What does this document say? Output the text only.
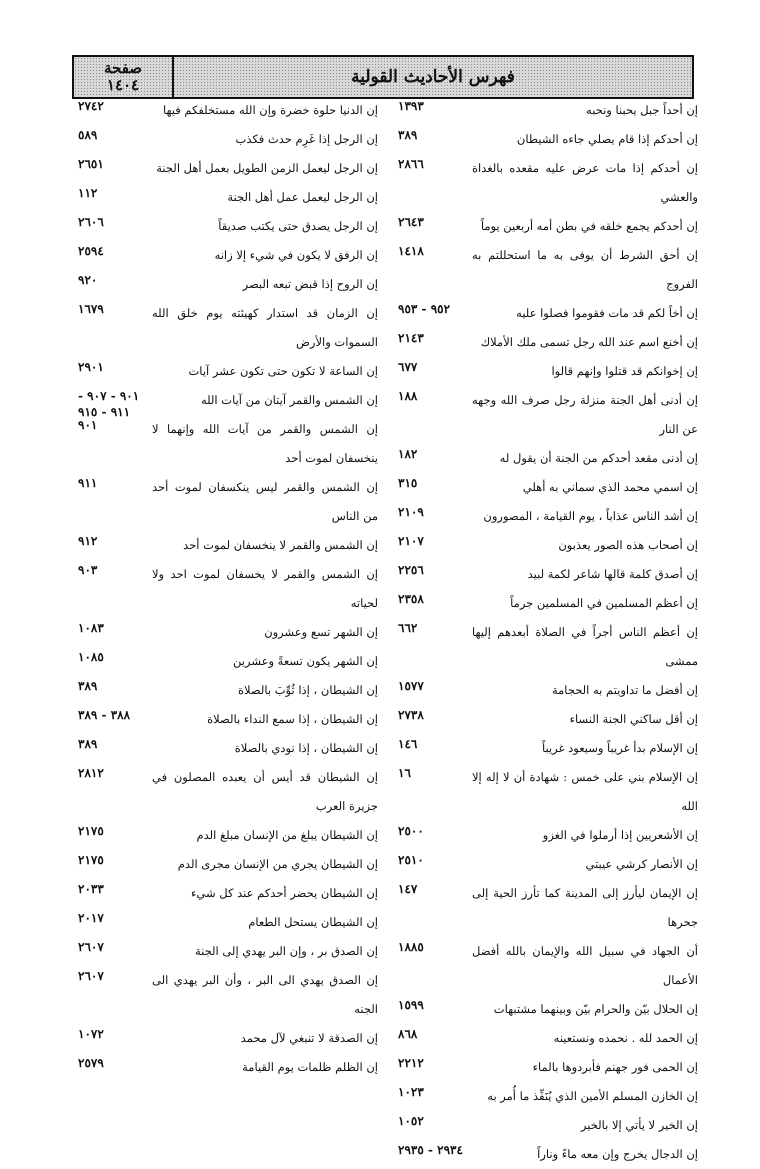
صفحة
١٤٠٤	فهرس الأحاديث القولية
إن أحداً جبل يحبنا ونحبه
١٣٩٣
إن أحدكم إذا قام يصلي جاءه الشيطان
٣٨٩
إن أحدكم إذا مات عرض عليه مقعده بالغداة والعشي
٢٨٦٦
إن أحدكم يجمع خلقه في بطن أمه أربعين يوماً
٢٦٤٣
إن أحق الشرط أن يوفى به ما استحللتم به الفروج
١٤١٨
إن أخاً لكم قد مات فقوموا فصلوا عليه
٩٥٢ - ٩٥٣
إن أخنع اسم عند الله رجل تسمى ملك الأملاك
٢١٤٣
إن إخوانكم قد قتلوا وإنهم قالوا
٦٧٧
إن أدنى أهل الجنة منزلة رجل صرف الله وجهه عن النار
١٨٨
إن أدنى مقعد أحدكم من الجنة أن يقول له
١٨٢
إن اسمي محمد الذي سماني به أهلي
٣١٥
إن أشد الناس عذاباً ، يوم القيامة ، المصورون
٢١٠٩
إن أصحاب هذه الصور يعذبون
٢١٠٧
إن أصدق كلمة قالها شاعر لكمة لبيد
٢٢٥٦
إن أعظم المسلمين في المسلمين جرماً
٢٣٥٨
إن أعظم الناس أجراً في الصلاة أبعدهم إليها ممشى
٦٦٢
إن أفضل ما تداويتم به الحجامة
١٥٧٧
إن أقل ساكني الجنة النساء
٢٧٣٨
إن الإسلام بدأ غريباً وسيعود غريباً
١٤٦
إن الإسلام بني على خمس : شهادة أن لا إله إلا الله
١٦
إن الأشعريين إذا أرملوا في الغزو
٢٥٠٠
إن الأنصار كرشي عيبتي
٢٥١٠
إن الإيمان ليأرز إلى المدينة كما تأرز الحية إلى جحرها
١٤٧
أن الجهاد في سبيل الله والإيمان بالله أفضل الأعمال
١٨٨٥
إن الحلال بيّن والحرام بيّن وبينهما مشتبهات
١٥٩٩
إن الحمد لله . نحمده ونستعينه
٨٦٨
إن الحمى فور جهنم فأبردوها بالماء
٢٢١٢
إن الخازن المسلم الأمين الذي يُنَفِّذ ما أُمر به
١٠٢٣
إن الخير لا يأتي إلا بالخير
١٠٥٢
إن الدجال يخرج وإن معه ماءً وناراً
٢٩٣٤ - ٢٩٣٥
إن الدنيا حلوة خضرة وإن الله مستخلفكم فيها
٢٧٤٢
إن الرجل إذا غَرِم حدث فكذب
٥٨٩
إن الرجل ليعمل الزمن الطويل بعمل أهل الجنة
٢٦٥١
إن الرجل ليعمل عمل أهل الجنة
١١٢
إن الرجل يصدق حتى يكتب صديقاً
٢٦٠٦
إن الرفق لا يكون في شيء إلا زانه
٢٥٩٤
إن الروح إذا قبض تبعه البصر
٩٢٠
إن الزمان قد استدار كهيئته يوم خلق الله السموات والأرض
١٦٧٩
إن الساعة لا تكون حتى تكون عشر آيات
٢٩٠١
إن الشمس والقمر آيتان من آيات الله
٩٠١ - ٩٠٧ - ٩١١ - ٩١٥
إن الشمس والقمر من آيات الله وإنهما لا ينخسفان لموت أحد
٩٠١
إن الشمس والقمر ليس ينكسفان لموت أحد من الناس
٩١١
إن الشمس والقمر لا ينخسفان لموت أحد
٩١٢
إن الشمس والقمر لا يخسفان لموت احد ولا لحياته
٩٠٣
إن الشهر تسع وعشرون
١٠٨٣
إن الشهر يكون تسعةً وعشرين
١٠٨٥
إن الشيطان ، إذا ثُوِّبَ بالصلاة
٣٨٩
إن الشيطان ، إذا سمع النداء بالصلاة
٣٨٨ - ٣٨٩
إن الشيطان ، إذا نودي بالصلاة
٣٨٩
إن الشيطان قد أيس أن يعبده المصلون في جزيرة العرب
٢٨١٢
إن الشيطان يبلغ من الإنسان مبلغ الدم
٢١٧٥
إن الشيطان يجري من الإنسان مجرى الدم
٢١٧٥
إن الشيطان يحضر أحدكم عند كل شيء
٢٠٣٣
إن الشيطان يستحل الطعام
٢٠١٧
إن الصدق بر ، وإن البر يهدي إلى الجنة
٢٦٠٧
إن الصدق يهدي الى البر ، وأن البر يهدي الى الجنه
٢٦٠٧
إن الصدقة لا تنبغي لآل محمد
١٠٧٢
إن الظلم ظلمات يوم القيامة
٢٥٧٩
